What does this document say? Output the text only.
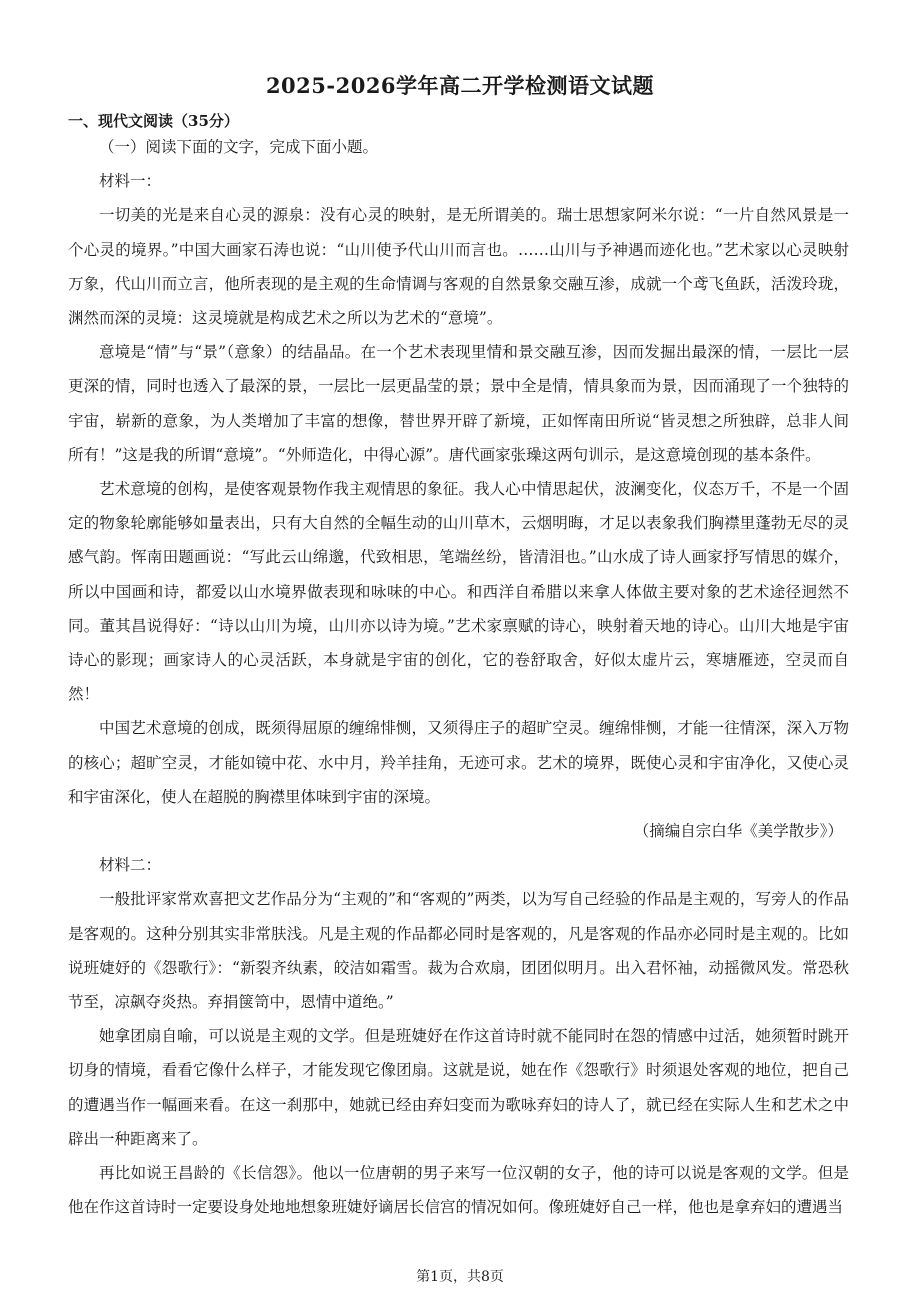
2025-2026学年高二开学检测语文试题
一、现代文阅读（35分）

（一）阅读下面的文字，完成下面小题。

材料一：

一切美的光是来自心灵的源泉：没有心灵的映射，是无所谓美的。瑞士思想家阿米尔说：“一片自然风景是一个心灵的境界。”中国大画家石涛也说：“山川使予代山川而言也。……山川与予神遇而迹化也。”艺术家以心灵映射万象，代山川而立言，他所表现的是主观的生命情调与客观的自然景象交融互渗，成就一个鸢飞鱼跃，活泼玲珑，渊然而深的灵境：这灵境就是构成艺术之所以为艺术的“意境”。

意境是“情”与“景”（意象）的结晶品。在一个艺术表现里情和景交融互渗，因而发掘出最深的情，一层比一层更深的情，同时也透入了最深的景，一层比一层更晶莹的景；景中全是情，情具象而为景，因而涌现了一个独特的宇宙，崭新的意象，为人类增加了丰富的想像，替世界开辟了新境，正如恽南田所说“皆灵想之所独辟，总非人间所有！”这是我的所谓“意境”。“外师造化，中得心源”。唐代画家张璪这两句训示，是这意境创现的基本条件。

艺术意境的创构，是使客观景物作我主观情思的象征。我人心中情思起伏，波澜变化，仪态万千，不是一个固定的物象轮廓能够如量表出，只有大自然的全幅生动的山川草木，云烟明晦，才足以表象我们胸襟里蓬勃无尽的灵感气韵。恽南田题画说：“写此云山绵邈，代致相思，笔端丝纷，皆清泪也。”山水成了诗人画家抒写情思的媒介，所以中国画和诗，都爱以山水境界做表现和咏味的中心。和西洋自希腊以来拿人体做主要对象的艺术途径迥然不同。董其昌说得好：“诗以山川为境，山川亦以诗为境。”艺术家禀赋的诗心，映射着天地的诗心。山川大地是宇宙诗心的影现；画家诗人的心灵活跃，本身就是宇宙的创化，它的卷舒取舍，好似太虚片云，寒塘雁迹，空灵而自然！

中国艺术意境的创成，既须得屈原的缠绵悱恻，又须得庄子的超旷空灵。缠绵悱恻，才能一往情深，深入万物的核心；超旷空灵，才能如镜中花、水中月，羚羊挂角，无迹可求。艺术的境界，既使心灵和宇宙净化，又使心灵和宇宙深化，使人在超脱的胸襟里体味到宇宙的深境。

（摘编自宗白华《美学散步》）

材料二：

一般批评家常欢喜把文艺作品分为“主观的”和“客观的”两类，以为写自己经验的作品是主观的，写旁人的作品是客观的。这种分别其实非常肤浅。凡是主观的作品都必同时是客观的，凡是客观的作品亦必同时是主观的。比如说班婕妤的《怨歌行》：“新裂齐纨素，皎洁如霜雪。裁为合欢扇，团团似明月。出入君怀袖，动摇微风发。常恐秋节至，凉飙夺炎热。弃捐箧笥中，恩情中道绝。”

她拿团扇自喻，可以说是主观的文学。但是班婕妤在作这首诗时就不能同时在怨的情感中过活，她须暂时跳开切身的情境，看看它像什么样子，才能发现它像团扇。这就是说，她在作《怨歌行》时须退处客观的地位，把自己的遭遇当作一幅画来看。在这一刹那中，她就已经由弃妇变而为歌咏弃妇的诗人了，就已经在实际人生和艺术之中辟出一种距离来了。

再比如说王昌龄的《长信怨》。他以一位唐朝的男子来写一位汉朝的女子，他的诗可以说是客观的文学。但是他在作这首诗时一定要设身处地地想象班婕妤谪居长信宫的情况如何。像班婕妤自己一样，他也是拿弃妇的遭遇当

第1页，共8页
